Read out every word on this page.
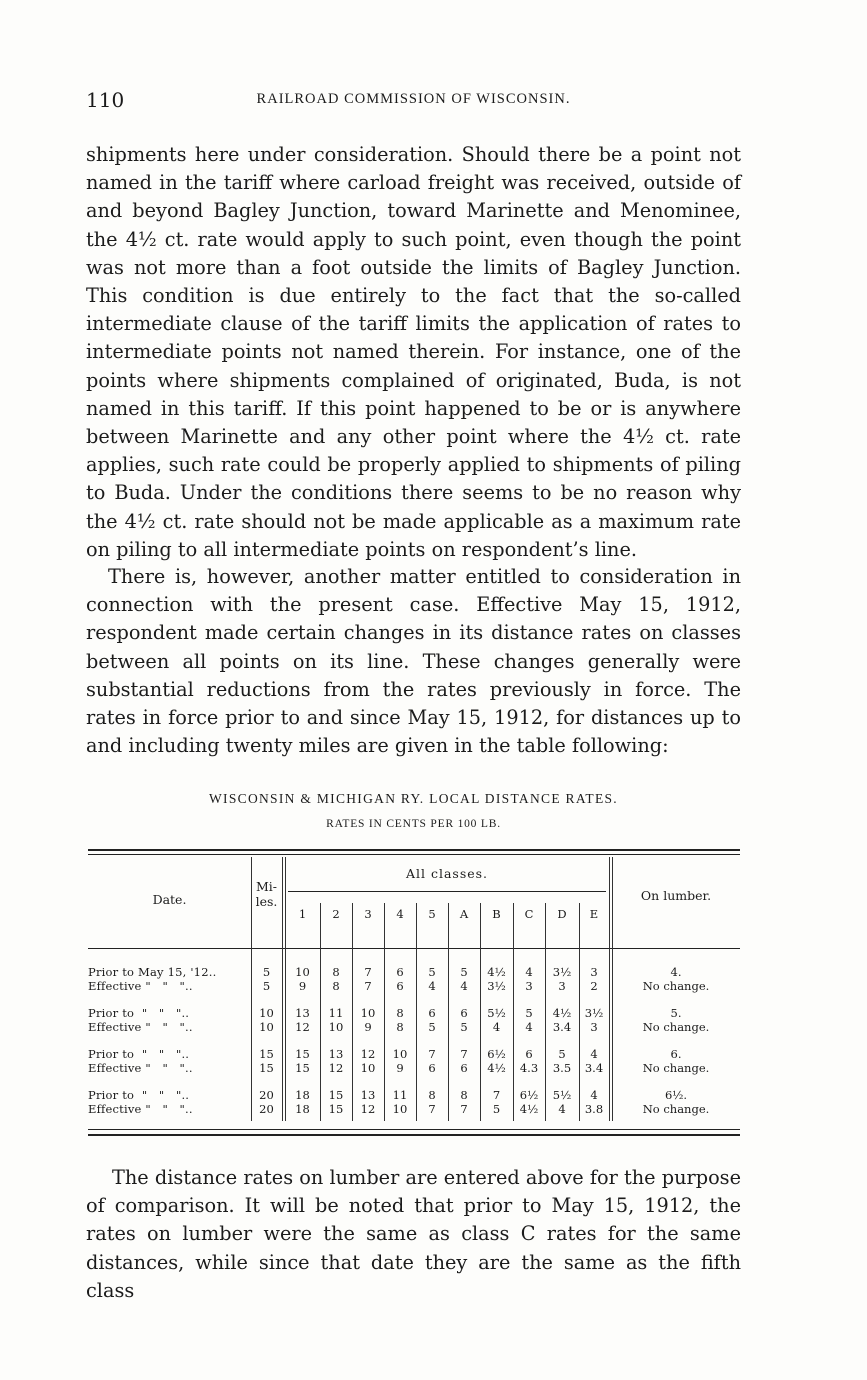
110	RAILROAD COMMISSION OF WISCONSIN.

shipments here under consideration. Should there be a point not named in the tariff where carload freight was received, outside of and beyond Bagley Junction, toward Marinette and Menominee, the 4½ ct. rate would apply to such point, even though the point was not more than a foot outside the limits of Bagley Junction. This condition is due entirely to the fact that the so-called intermediate clause of the tariff limits the application of rates to intermediate points not named therein. For instance, one of the points where shipments complained of originated, Buda, is not named in this tariff. If this point happened to be or is anywhere between Marinette and any other point where the 4½ ct. rate applies, such rate could be properly applied to shipments of piling to Buda. Under the conditions there seems to be no reason why the 4½ ct. rate should not be made applicable as a maximum rate on piling to all intermediate points on respondent’s line.

There is, however, another matter entitled to consideration in connection with the present case. Effective May 15, 1912, respondent made certain changes in its distance rates on classes between all points on its line. These changes generally were substantial reductions from the rates previously in force. The rates in force prior to and since May 15, 1912, for distances up to and including twenty miles are given in the table following:

WISCONSIN & MICHIGAN RY. LOCAL DISTANCE RATES.
RATES IN CENTS PER 100 LB.
Date.
Mi-
les.
All classes.
On lumber.
1	2	3	4	5	A	B	C	D	E
Prior to May 15, '12..	5	10	8	7	6	5	5	4½	4	3½	3	4.
Effective "   "   "..	5	9	8	7	6	4	4	3½	3	3	2	No change.
Prior to  "   "   "..	10	13	11	10	8	6	6	5½	5	4½	3½	5.
Effective "   "   "..	10	12	10	9	8	5	5	4	4	3.4	3	No change.
Prior to  "   "   "..	15	15	13	12	10	7	7	6½	6	5	4	6.
Effective "   "   "..	15	15	12	10	9	6	6	4½	4.3	3.5	3.4	No change.
Prior to  "   "   "..	20	18	15	13	11	8	8	7	6½	5½	4	6½.
Effective "   "   "..	20	18	15	12	10	7	7	5	4½	4	3.8	No change.

The distance rates on lumber are entered above for the purpose of comparison. It will be noted that prior to May 15, 1912, the rates on lumber were the same as class C rates for the same distances, while since that date they are the same as the fifth class
